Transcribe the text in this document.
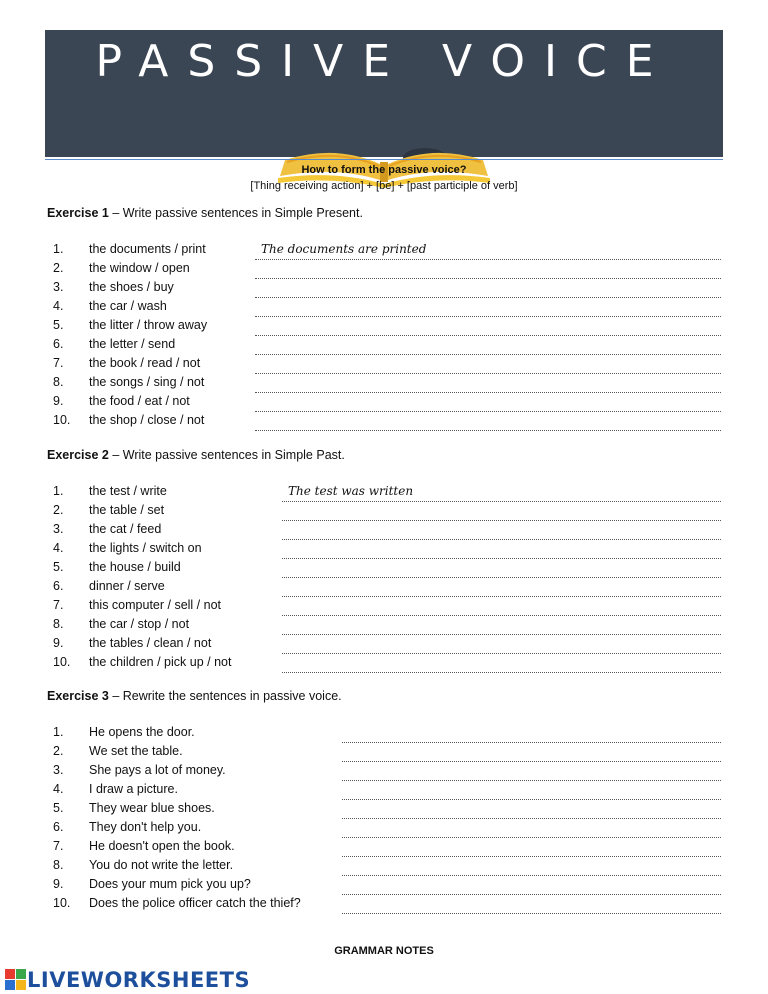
PASSIVE VOICE
How to form the passive voice?
[Thing receiving action] + [be] + [past participle of verb]
Exercise 1 – Write passive sentences in Simple Present.
1. the documents / print
2. the window / open
3. the shoes / buy
4. the car / wash
5. the litter / throw away
6. the letter / send
7. the book / read / not
8. the songs / sing / not
9. the food / eat / not
10. the shop / close / not
The documents are printed
Exercise 2 – Write passive sentences in Simple Past.
1. the test / write
2. the table / set
3. the cat / feed
4. the lights / switch on
5. the house / build
6. dinner / serve
7. this computer / sell / not
8. the car / stop / not
9. the tables / clean / not
10. the children / pick up / not
The test was written
Exercise 3 – Rewrite the sentences in passive voice.
1. He opens the door.
2. We set the table.
3. She pays a lot of money.
4. I draw a picture.
5. They wear blue shoes.
6. They don't help you.
7. He doesn't open the book.
8. You do not write the letter.
9. Does your mum pick you up?
10. Does the police officer catch the thief?
GRAMMAR NOTES
LIVEWORKSHEETS
